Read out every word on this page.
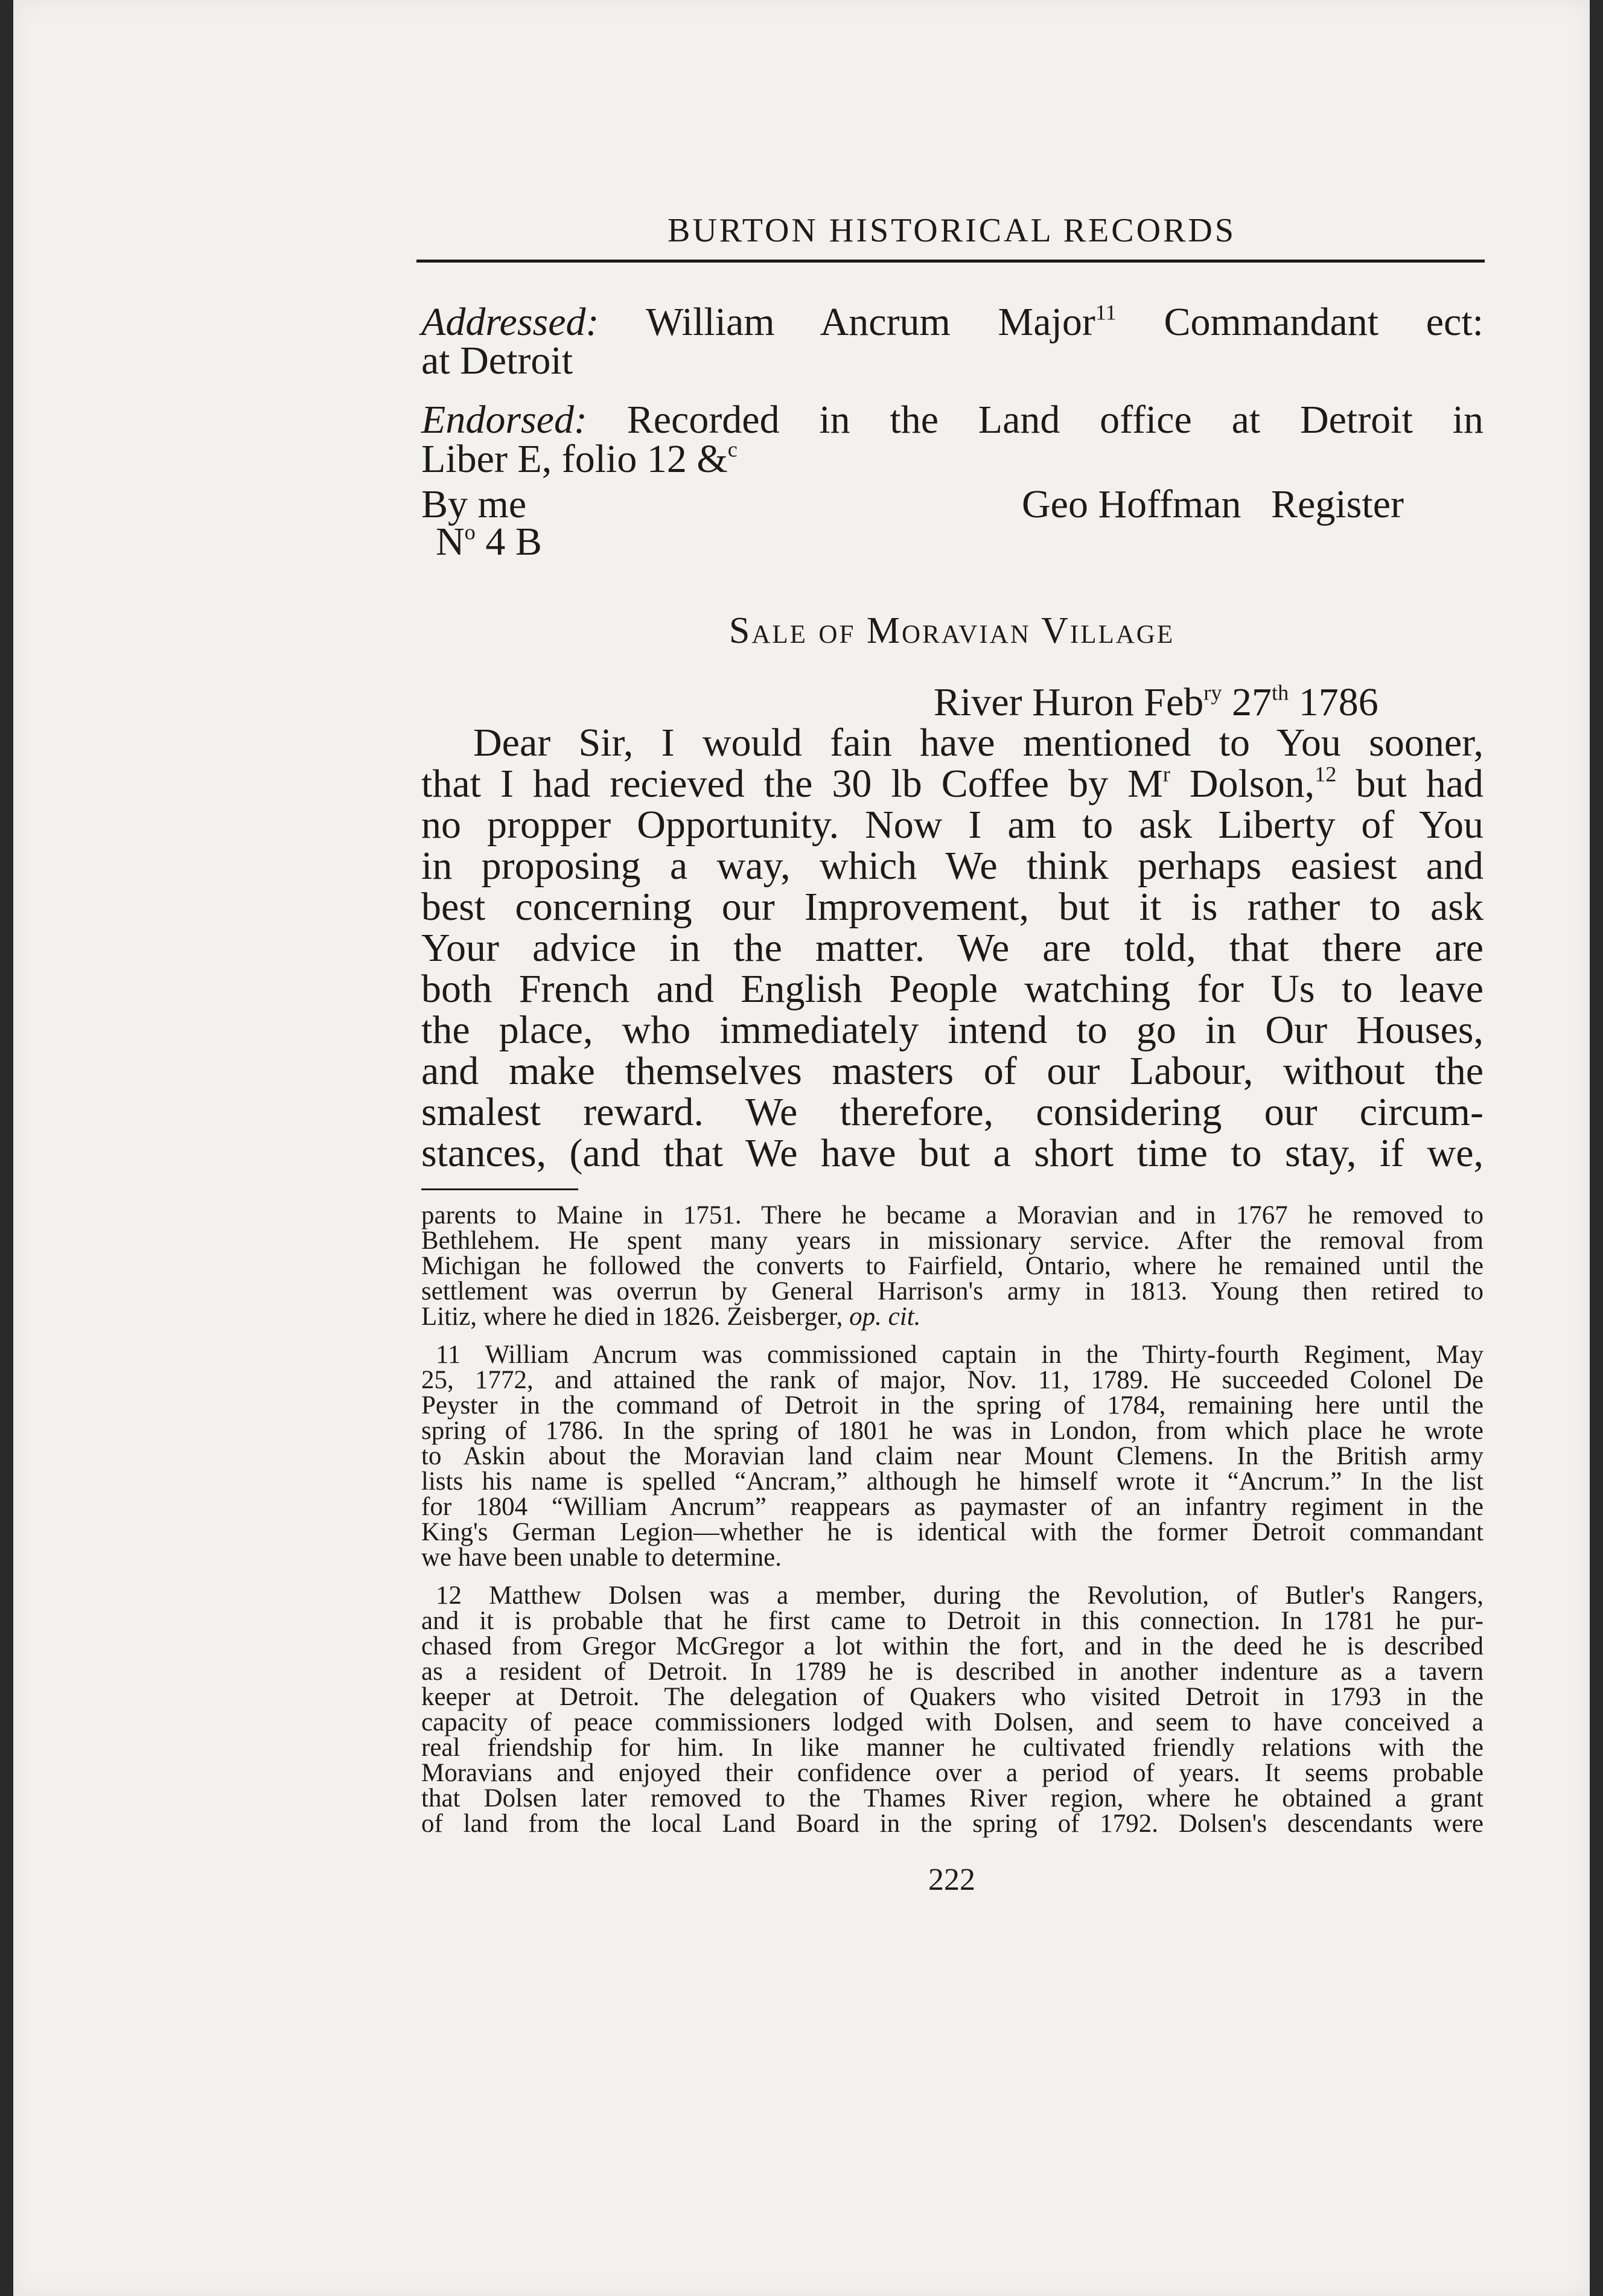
BURTON HISTORICAL RECORDS
Addressed: William Ancrum Major$^{11}$ Commandant ect:
at Detroit
Endorsed: Recorded in the Land office at Detroit in
Liber E, folio 12 &$^c$
By me	Geo Hoffman   Register
$N^o$ 4 B
Sale of Moravian Village
River Huron Feb$^{ry}$ 27th 1786
Dear Sir, I would fain have mentioned to You sooner,
that I had recieved the 30 lb Coffee by $M^r$ Dolson,$^{12}$ but had
no propper Opportunity. Now I am to ask Liberty of You
in proposing a way, which We think perhaps easiest and
best concerning our Improvement, but it is rather to ask
Your advice in the matter. We are told, that there are
both French and English People watching for Us to leave
the place, who immediately intend to go in Our Houses,
and make themselves masters of our Labour, without the
smalest reward. We therefore, considering our circum-
stances, (and that We have but a short time to stay, if we,
parents to Maine in 1751. There he became a Moravian and in 1767 he removed to
Bethlehem. He spent many years in missionary service. After the removal from
Michigan he followed the converts to Fairfield, Ontario, where he remained until the
settlement was overrun by General Harrison's army in 1813. Young then retired to
Litiz, where he died in 1826. Zeisberger, op. cit.
11 William Ancrum was commissioned captain in the Thirty-fourth Regiment, May
25, 1772, and attained the rank of major, Nov. 11, 1789. He succeeded Colonel De
Peyster in the command of Detroit in the spring of 1784, remaining here until the
spring of 1786. In the spring of 1801 he was in London, from which place he wrote
to Askin about the Moravian land claim near Mount Clemens. In the British army
lists his name is spelled “Ancram,” although he himself wrote it “Ancrum.” In the list
for 1804 “William Ancrum” reappears as paymaster of an infantry regiment in the
King's German Legion—whether he is identical with the former Detroit commandant
we have been unable to determine.
12 Matthew Dolsen was a member, during the Revolution, of Butler's Rangers,
and it is probable that he first came to Detroit in this connection. In 1781 he pur-
chased from Gregor McGregor a lot within the fort, and in the deed he is described
as a resident of Detroit. In 1789 he is described in another indenture as a tavern
keeper at Detroit. The delegation of Quakers who visited Detroit in 1793 in the
capacity of peace commissioners lodged with Dolsen, and seem to have conceived a
real friendship for him. In like manner he cultivated friendly relations with the
Moravians and enjoyed their confidence over a period of years. It seems probable
that Dolsen later removed to the Thames River region, where he obtained a grant
of land from the local Land Board in the spring of 1792. Dolsen's descendants were
222
